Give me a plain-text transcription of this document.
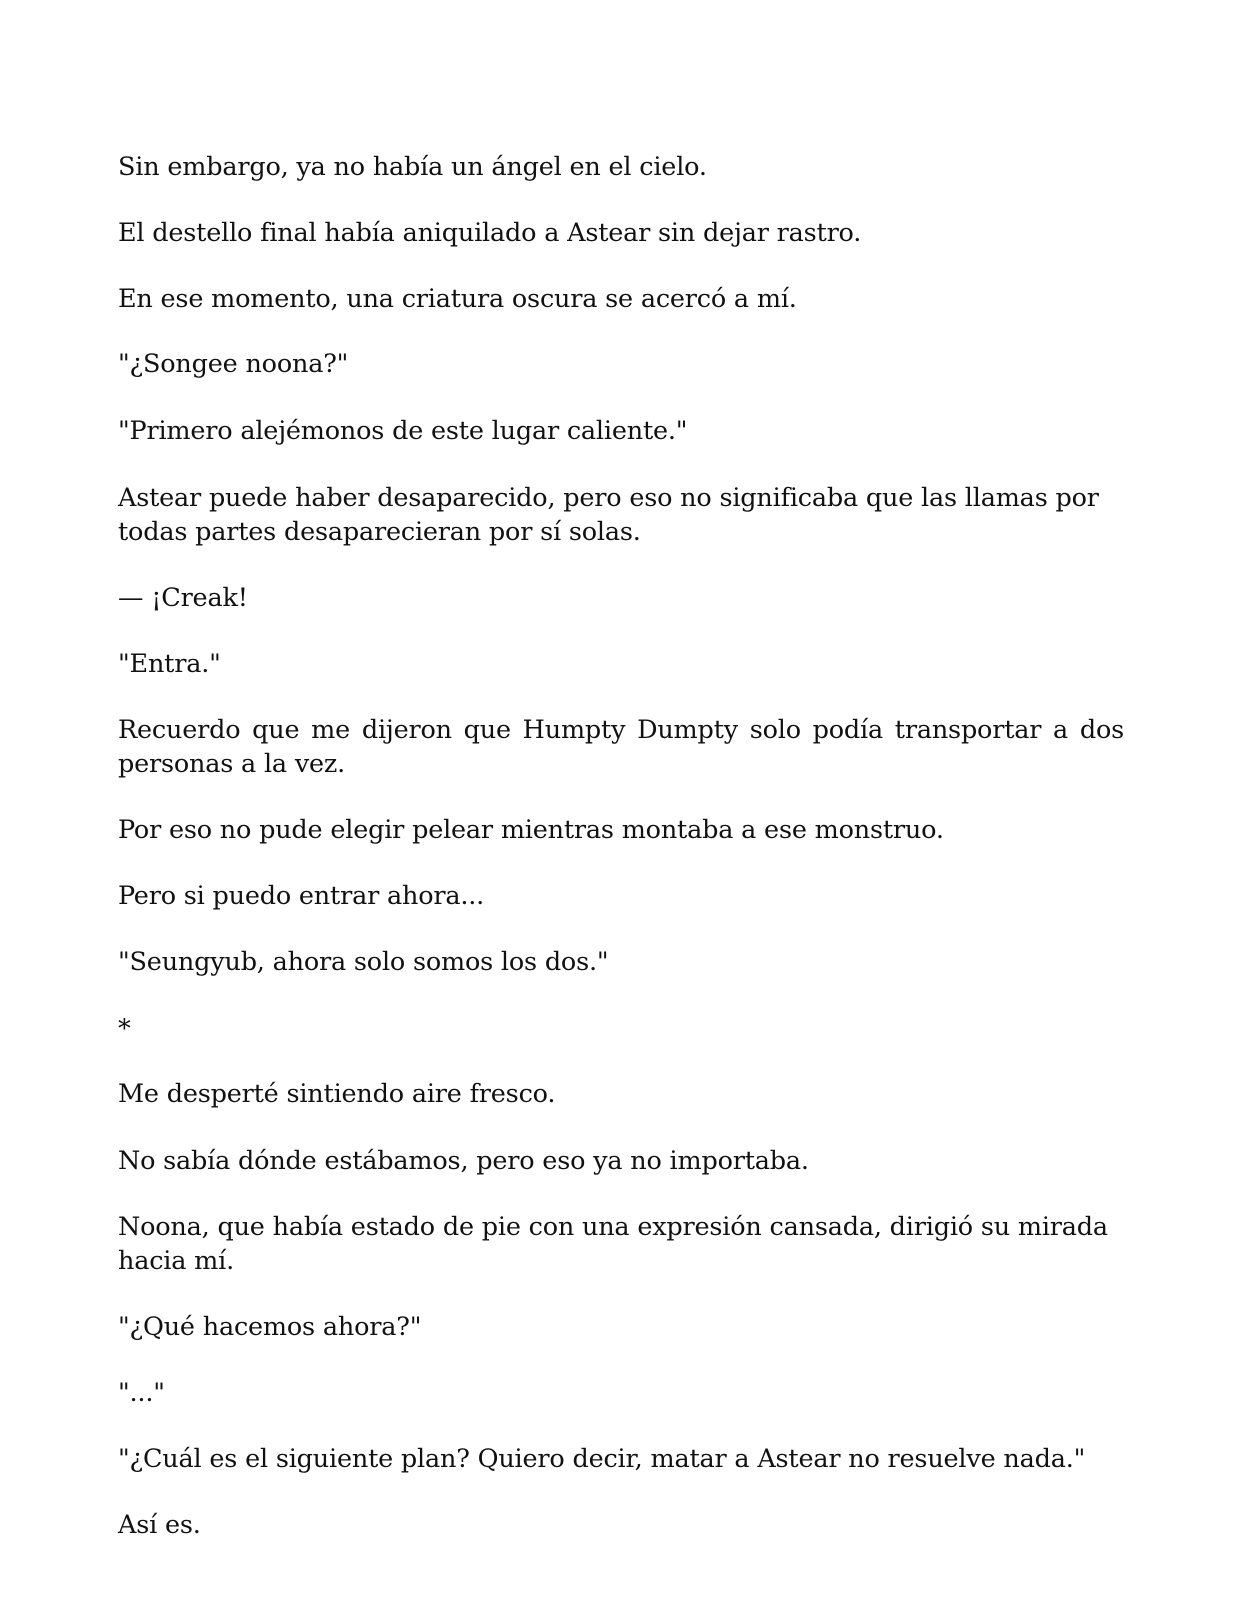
Sin embargo, ya no había un ángel en el cielo.

El destello final había aniquilado a Astear sin dejar rastro.

En ese momento, una criatura oscura se acercó a mí.

"¿Songee noona?"

"Primero alejémonos de este lugar caliente."

Astear puede haber desaparecido, pero eso no significaba que las llamas por todas partes desaparecieran por sí solas.

— ¡Creak!

"Entra."

Recuerdo que me dijeron que Humpty Dumpty solo podía transportar a dos personas a la vez.

Por eso no pude elegir pelear mientras montaba a ese monstruo.

Pero si puedo entrar ahora...

"Seungyub, ahora solo somos los dos."

*

Me desperté sintiendo aire fresco.

No sabía dónde estábamos, pero eso ya no importaba.

Noona, que había estado de pie con una expresión cansada, dirigió su mirada hacia mí.

"¿Qué hacemos ahora?"

"..."

"¿Cuál es el siguiente plan? Quiero decir, matar a Astear no resuelve nada."

Así es.
